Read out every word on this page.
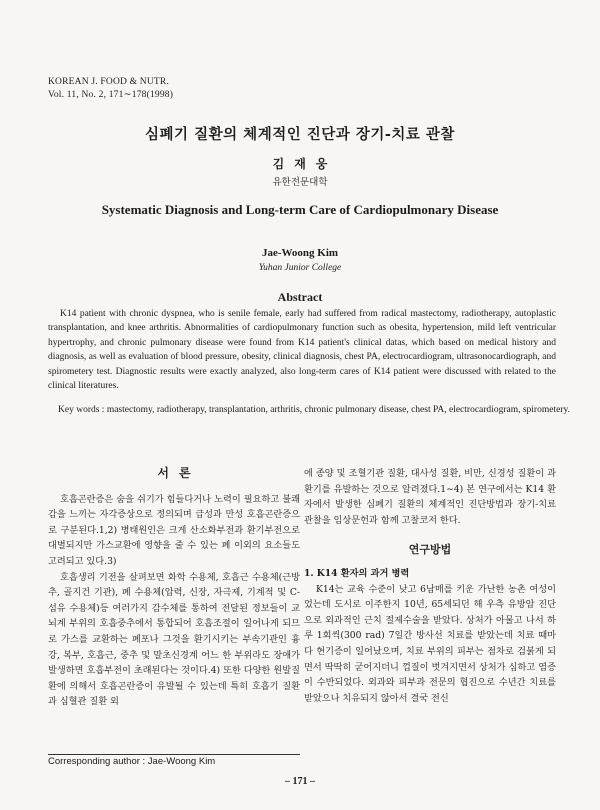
KOREAN J. FOOD & NUTR.
Vol. 11, No. 2, 171∼178(1998)
심폐기 질환의 체계적인 진단과 장기-치료 관찰
김재웅
유한전문대학
Systematic Diagnosis and Long-term Care of Cardiopulmonary Disease
Jae-Woong Kim
Yuhan Junior College
Abstract

K14 patient with chronic dyspnea, who is senile female, early had suffered from radical mastectomy, radiotherapy, autoplastic transplantation, and knee arthritis. Abnormalities of cardiopulmonary function such as obesita, hypertension, mild left ventricular hypertrophy, and chronic pulmonary disease were found from K14 patient's clinical datas, which based on medical history and diagnosis, as well as evaluation of blood pressure, obesity, clinical diagnosis, chest PA, electrocardiogram, ultrasonocardiograph, and spirometery test. Diagnostic results were exactly analyzed, also long-term cares of K14 patient were discussed with related to the clinical literatures.

Key words : mastectomy, radiotherapy, transplantation, arthritis, chronic pulmonary disease, chest PA, electrocardiogram, spirometery.

서론

호흡곤란증은 숨을 쉬기가 힘들다거나 노력이 필요하고 불쾌감을 느끼는 자각증상으로 정의되며 급성과 만성 호흡곤란증으로 구분된다.1,2) 병태원인은 크게 산소화부전과 환기부전으로 대별되지만 가스교환에 영향을 줄 수 있는 폐 이외의 요소들도 고려되고 있다.3)

호흡생리 기전을 살펴보면 화학 수용체, 호흡근 수용체(근방추, 골지건 기관), 폐 수용체(압력, 신장, 자극제, 기계적 및 C-섬유 수용체)등 여러가지 감수체를 통하여 전달된 정보들이 교뇌계 부위의 호흡중추에서 통합되어 호흡조절이 일어나게 되므로 가스를 교환하는 폐포나 그것을 환기시키는 부속기관인 흉강, 복부, 호흡근, 중추 및 말초신경계 어느 한 부위라도 장애가 발생하면 호흡부전이 초래된다는 것이다.4) 또한 다양한 원발질환에 의해서 호흡곤란증이 유발될 수 있는데 특히 호흡기 질환과 심혈관 질환 외

에 종양 및 조혈기관 질환, 대사성 질환, 비만, 신경성 질환이 과환기를 유발하는 것으로 알려졌다.1∼4) 본 연구에서는 K14 환자에서 발생한 심폐기 질환의 체계적인 진단방법과 장기-치료 관찰을 임상문헌과 함께 고찰코저 한다.

연구방법

1. K14 환자의 과거 병력

K14는 교육 수준이 낮고 6남매를 키운 가난한 농촌 여성이었는데 도시로 이주한지 10년, 65세되던 해 우측 유방암 진단으로 외과적인 근치 절제수술을 받았다. 상처가 아물고 나서 하루 1회씩(300 rad) 7일간 방사선 치료를 받았는데 치료 때마다 현기증이 일어났으며, 치료 부위의 피부는 점차로 검붉게 되면서 딱딱히 굳어지더니 껍질이 벗겨지면서 상처가 심하고 염증이 수반되었다. 외과와 피부과 전문의 협진으로 수년간 치료를 받았으나 치유되지 않아서 결국 전신

Corresponding author : Jae-Woong Kim
– 171 –
